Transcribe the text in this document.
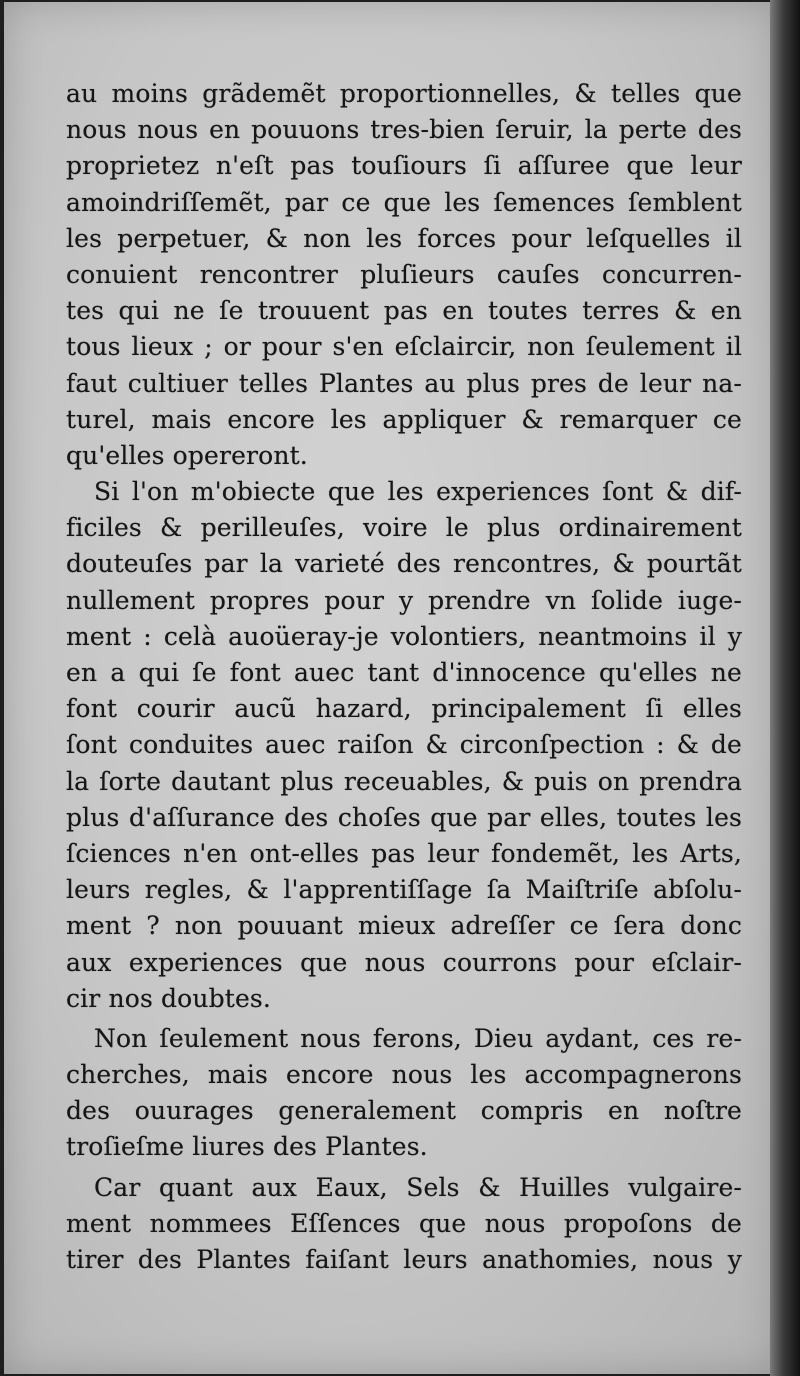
au moins grãdemẽt proportionnelles, & telles que
nous nous en pouuons tres-bien ſeruir, la perte des
proprietez n'eſt pas touſiours ſi aſſuree que leur
amoindriſſemẽt, par ce que les ſemences ſemblent
les perpetuer, & non les forces pour leſquelles il
conuient rencontrer pluſieurs cauſes concurren-
tes qui ne ſe trouuent pas en toutes terres & en
tous lieux ; or pour s'en eſclaircir, non ſeulement il
faut cultiuer telles Plantes au plus pres de leur na-
turel, mais encore les appliquer & remarquer ce
qu'elles opereront.
Si l'on m'obiecte que les experiences ſont & dif-
ficiles & perilleuſes, voire le plus ordinairement
douteuſes par la varieté des rencontres, & pourtãt
nullement propres pour y prendre vn ſolide iuge-
ment : celà auoüeray-je volontiers, neantmoins il y
en a qui ſe font auec tant d'innocence qu'elles ne
font courir aucũ hazard, principalement ſi elles
ſont conduites auec raiſon & circonſpection : & de
la ſorte dautant plus receuables, & puis on prendra
plus d'aſſurance des choſes que par elles, toutes les
ſciences n'en ont-elles pas leur fondemẽt, les Arts,
leurs regles, & l'apprentiſſage ſa Maiſtriſe abſolu-
ment ? non pouuant mieux adreſſer ce ſera donc
aux experiences que nous courrons pour eſclair-
cir nos doubtes.
Non ſeulement nous ferons, Dieu aydant, ces re-
cherches, mais encore nous les accompagnerons
des ouurages generalement compris en noſtre
troſieſme liures des Plantes.
Car quant aux Eaux, Sels & Huilles vulgaire-
ment nommees Eſſences que nous propoſons de
tirer des Plantes faiſant leurs anathomies, nous y
